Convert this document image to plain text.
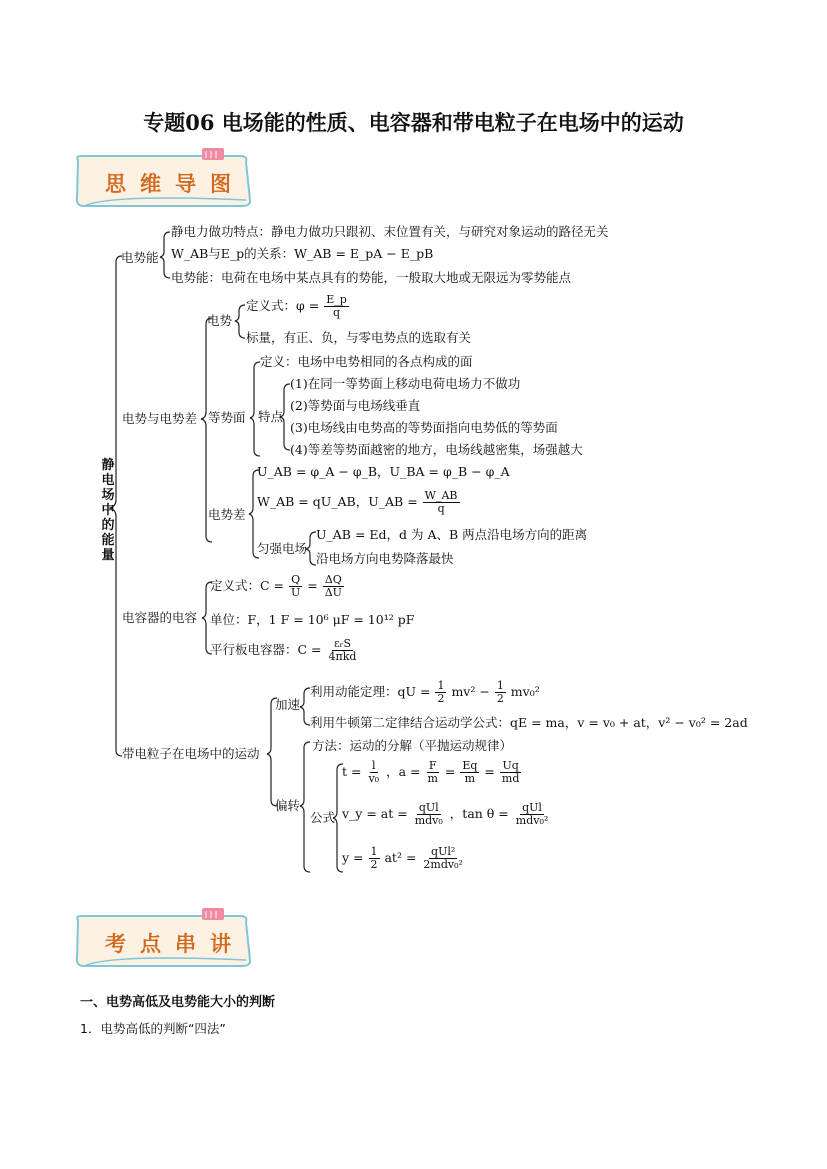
专题06 电场能的性质、电容器和带电粒子在电场中的运动
思维导图
静电场中的能量
电势能
静电力做功特点：静电力做功只跟初、末位置有关，与研究对象运动的路径无关
W_AB与E_p的关系：W_AB = E_pA − E_pB
电势能：电荷在电场中某点具有的势能，一般取大地或无限远为零势能点
电势与电势差
电势
定义式：$\varphi = \frac{E\_p}{q}$
标量，有正、负，与零电势点的选取有关
等势面
定义：电场中电势相同的各点构成的面
特点
(1)在同一等势面上移动电荷电场力不做功
(2)等势面与电场线垂直
(3)电场线由电势高的等势面指向电势低的等势面
(4)等差等势面越密的地方，电场线越密集，场强越大
电势差
U_AB = φ_A − φ_B，U_BA = φ_B − φ_A
W_AB = qU_AB，U_AB = $\frac{W\_AB}{q}$
匀强电场
U_AB = Ed，d 为 A、B 两点沿电场方向的距离
沿电场方向电势降落最快
电容器的电容
定义式：$C = \frac{Q}{U} = \frac{\Delta Q}{\Delta U}$
单位：F，1 F = 10⁶ μF = 10¹² pF
平行板电容器：$C = \frac{\text{εᵣS}}{\text{4πkd}}$
带电粒子在电场中的运动
加速
利用动能定理：qU = $\frac{1}{2} mv^2 - \frac{1}{2} mv_0^2$
利用牛顿第二定律结合运动学公式：qE = ma，v = v₀ + at，v² − v₀² = 2ad
偏转
方法：运动的分解（平抛运动规律）
公式
$t = \frac{l}{\text{v₀}}$ ，$a = \frac{F}{m} = \frac{Eq}{m} = \frac{Uq}{md}$
v_y = at = $\frac{\text{qUl}}{\text{mdv₀}}$ ，$\tan \theta = \frac{\text{qUl}}{\text{mdv₀²}}$
$y = \frac{1}{2} at^2 = \frac{\text{qUl²}}{\text{2mdv₀²}}$
考点串讲
一、电势高低及电势能大小的判断
1．电势高低的判断“四法”
